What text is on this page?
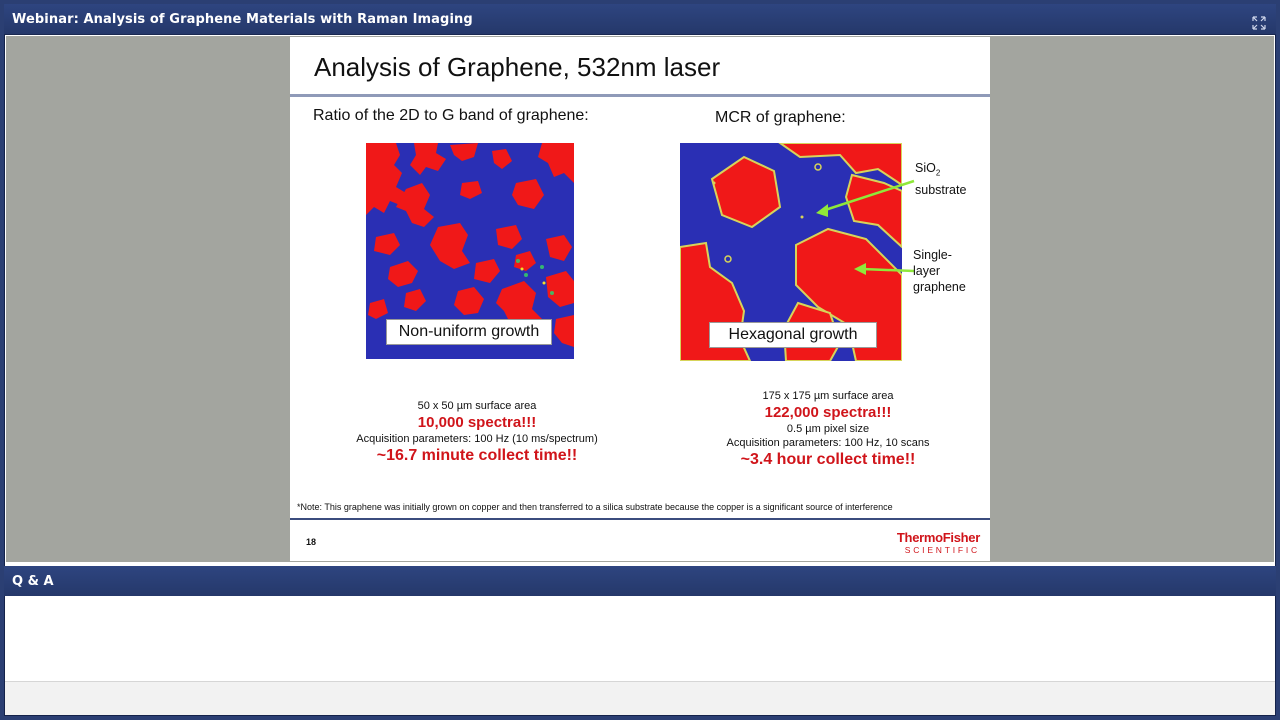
Webinar: Analysis of Graphene Materials with Raman Imaging
Analysis of Graphene, 532nm laser
Ratio of the 2D to G band of graphene:	MCR of graphene:
Non-uniform growth	Hexagonal growth
SiO$_2$
substrate
Single-
layer
graphene
50 x 50 µm surface area
10,000 spectra!!!
Acquisition parameters: 100 Hz (10 ms/spectrum)
~16.7 minute collect time!!
175 x 175 µm surface area
122,000 spectra!!!
0.5 µm pixel size
Acquisition parameters: 100 Hz, 10 scans
~3.4 hour collect time!!
*Note: This graphene was initially grown on copper and then transferred to a silica substrate because the copper is a significant source of interference
18	ThermoFisher
SCIENTIFIC
Q & A
